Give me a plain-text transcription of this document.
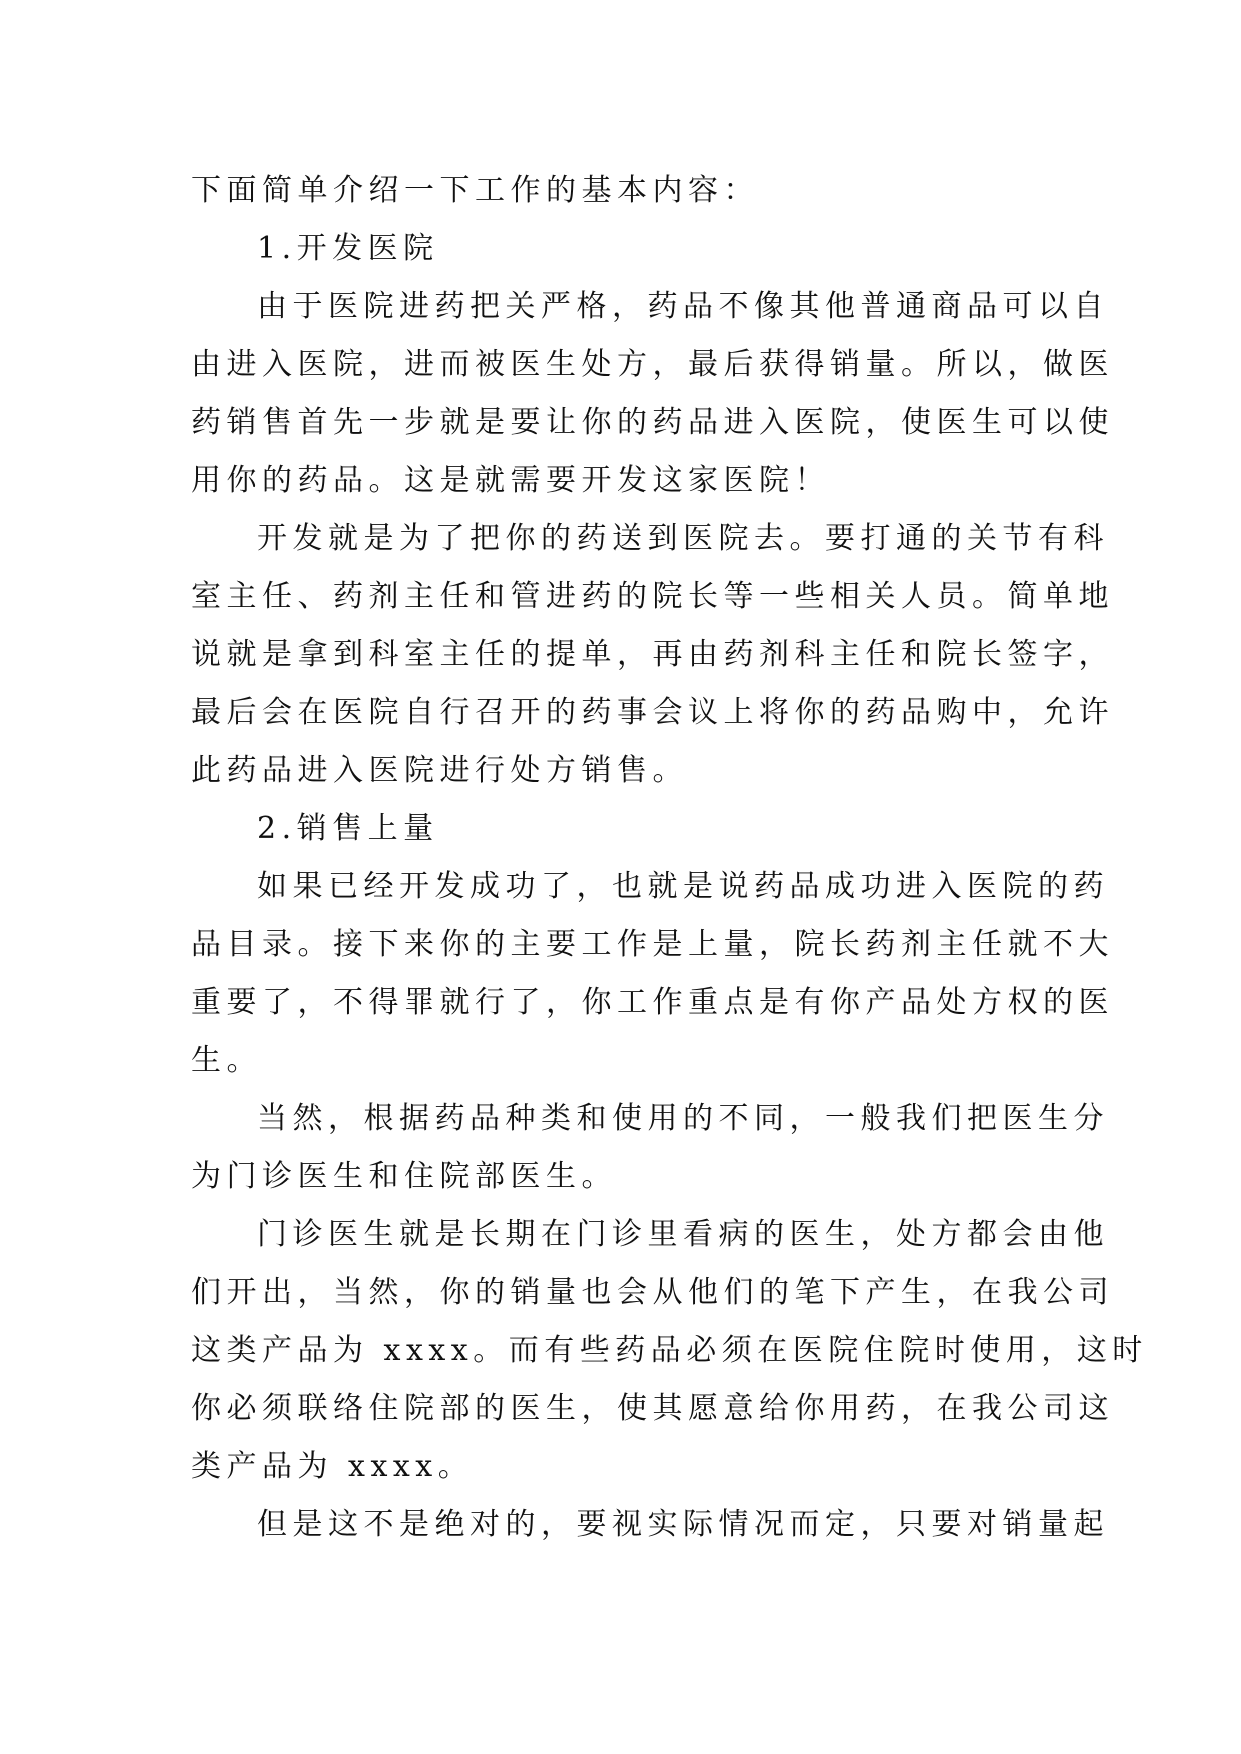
下面简单介绍一下工作的基本内容：
1.开发医院
由于医院进药把关严格，药品不像其他普通商品可以自
由进入医院，进而被医生处方，最后获得销量。所以，做医
药销售首先一步就是要让你的药品进入医院，使医生可以使
用你的药品。这是就需要开发这家医院！
开发就是为了把你的药送到医院去。要打通的关节有科
室主任、药剂主任和管进药的院长等一些相关人员。简单地
说就是拿到科室主任的提单，再由药剂科主任和院长签字，
最后会在医院自行召开的药事会议上将你的药品购中，允许
此药品进入医院进行处方销售。
2.销售上量
如果已经开发成功了，也就是说药品成功进入医院的药
品目录。接下来你的主要工作是上量，院长药剂主任就不大
重要了，不得罪就行了，你工作重点是有你产品处方权的医
生。
当然，根据药品种类和使用的不同，一般我们把医生分
为门诊医生和住院部医生。
门诊医生就是长期在门诊里看病的医生，处方都会由他
们开出，当然，你的销量也会从他们的笔下产生，在我公司
这类产品为 xxxx。而有些药品必须在医院住院时使用，这时
你必须联络住院部的医生，使其愿意给你用药，在我公司这
类产品为 xxxx。
但是这不是绝对的，要视实际情况而定，只要对销量起
